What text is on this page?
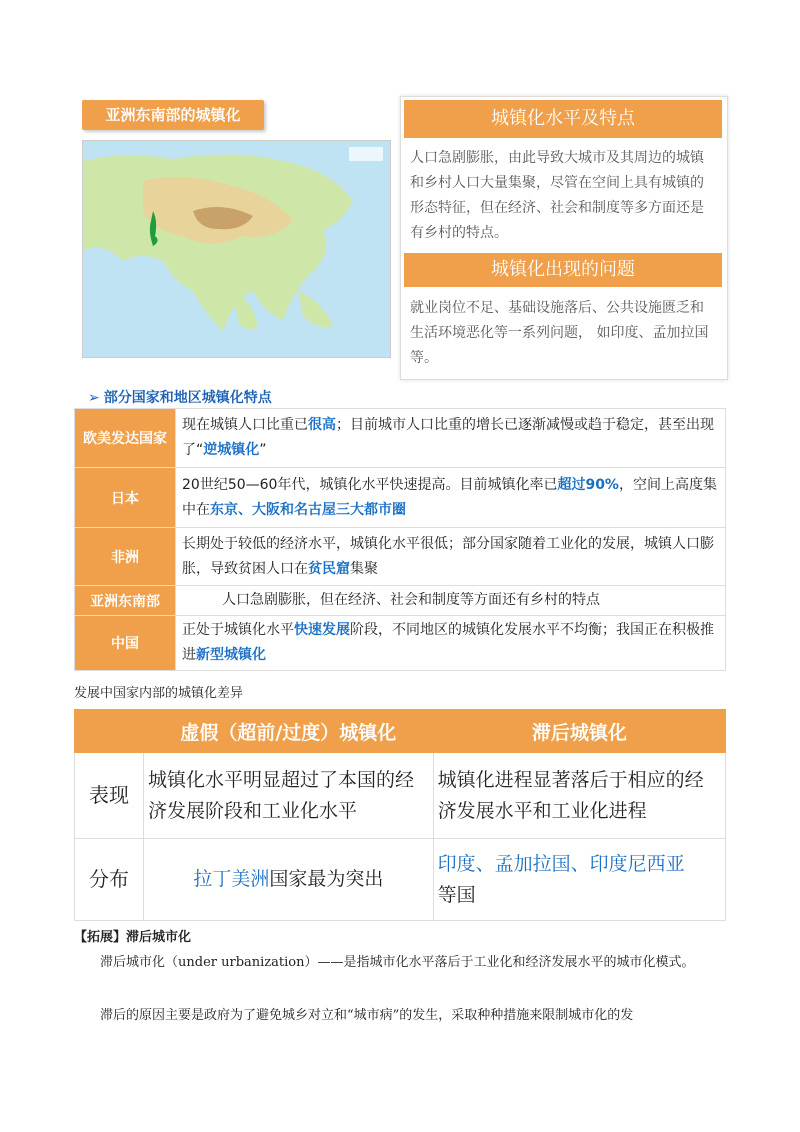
亚洲东南部的城镇化	城镇化水平及特点
人口急剧膨胀，由此导致大城市及其周边的城镇和乡村人口大量集聚，尽管在空间上具有城镇的形态特征，但在经济、社会和制度等多方面还是有乡村的特点。
城镇化出现的问题
就业岗位不足、基础设施落后、公共设施匮乏和生活环境恶化等一系列问题， 如印度、孟加拉国等。
➢ 部分国家和地区城镇化特点
欧美发达国家	现在城镇人口比重已很高；目前城市人口比重的增长已逐渐减慢或趋于稳定，甚至出现了“逆城镇化”
日本	20世纪50—60年代，城镇化水平快速提高。目前城镇化率已超过90%，空间上高度集中在东京、大阪和名古屋三大都市圈
非洲	长期处于较低的经济水平，城镇化水平很低；部分国家随着工业化的发展，城镇人口膨胀，导致贫困人口在贫民窟集聚
亚洲东南部	人口急剧膨胀，但在经济、社会和制度等方面还有乡村的特点
中国	正处于城镇化水平快速发展阶段，不同地区的城镇化发展水平不均衡；我国正在积极推进新型城镇化
发展中国家内部的城镇化差异
	虚假（超前/过度）城镇化	滞后城镇化
表现	城镇化水平明显超过了本国的经济发展阶段和工业化水平	城镇化进程显著落后于相应的经济发展水平和工业化进程
分布	拉丁美洲国家最为突出	印度、孟加拉国、印度尼西亚
等国
【拓展】滞后城市化
滞后城市化（under urbanization）——是指城市化水平落后于工业化和经济发展水平的城市化模式。
滞后的原因主要是政府为了避免城乡对立和“城市病”的发生，采取种种措施来限制城市化的发
